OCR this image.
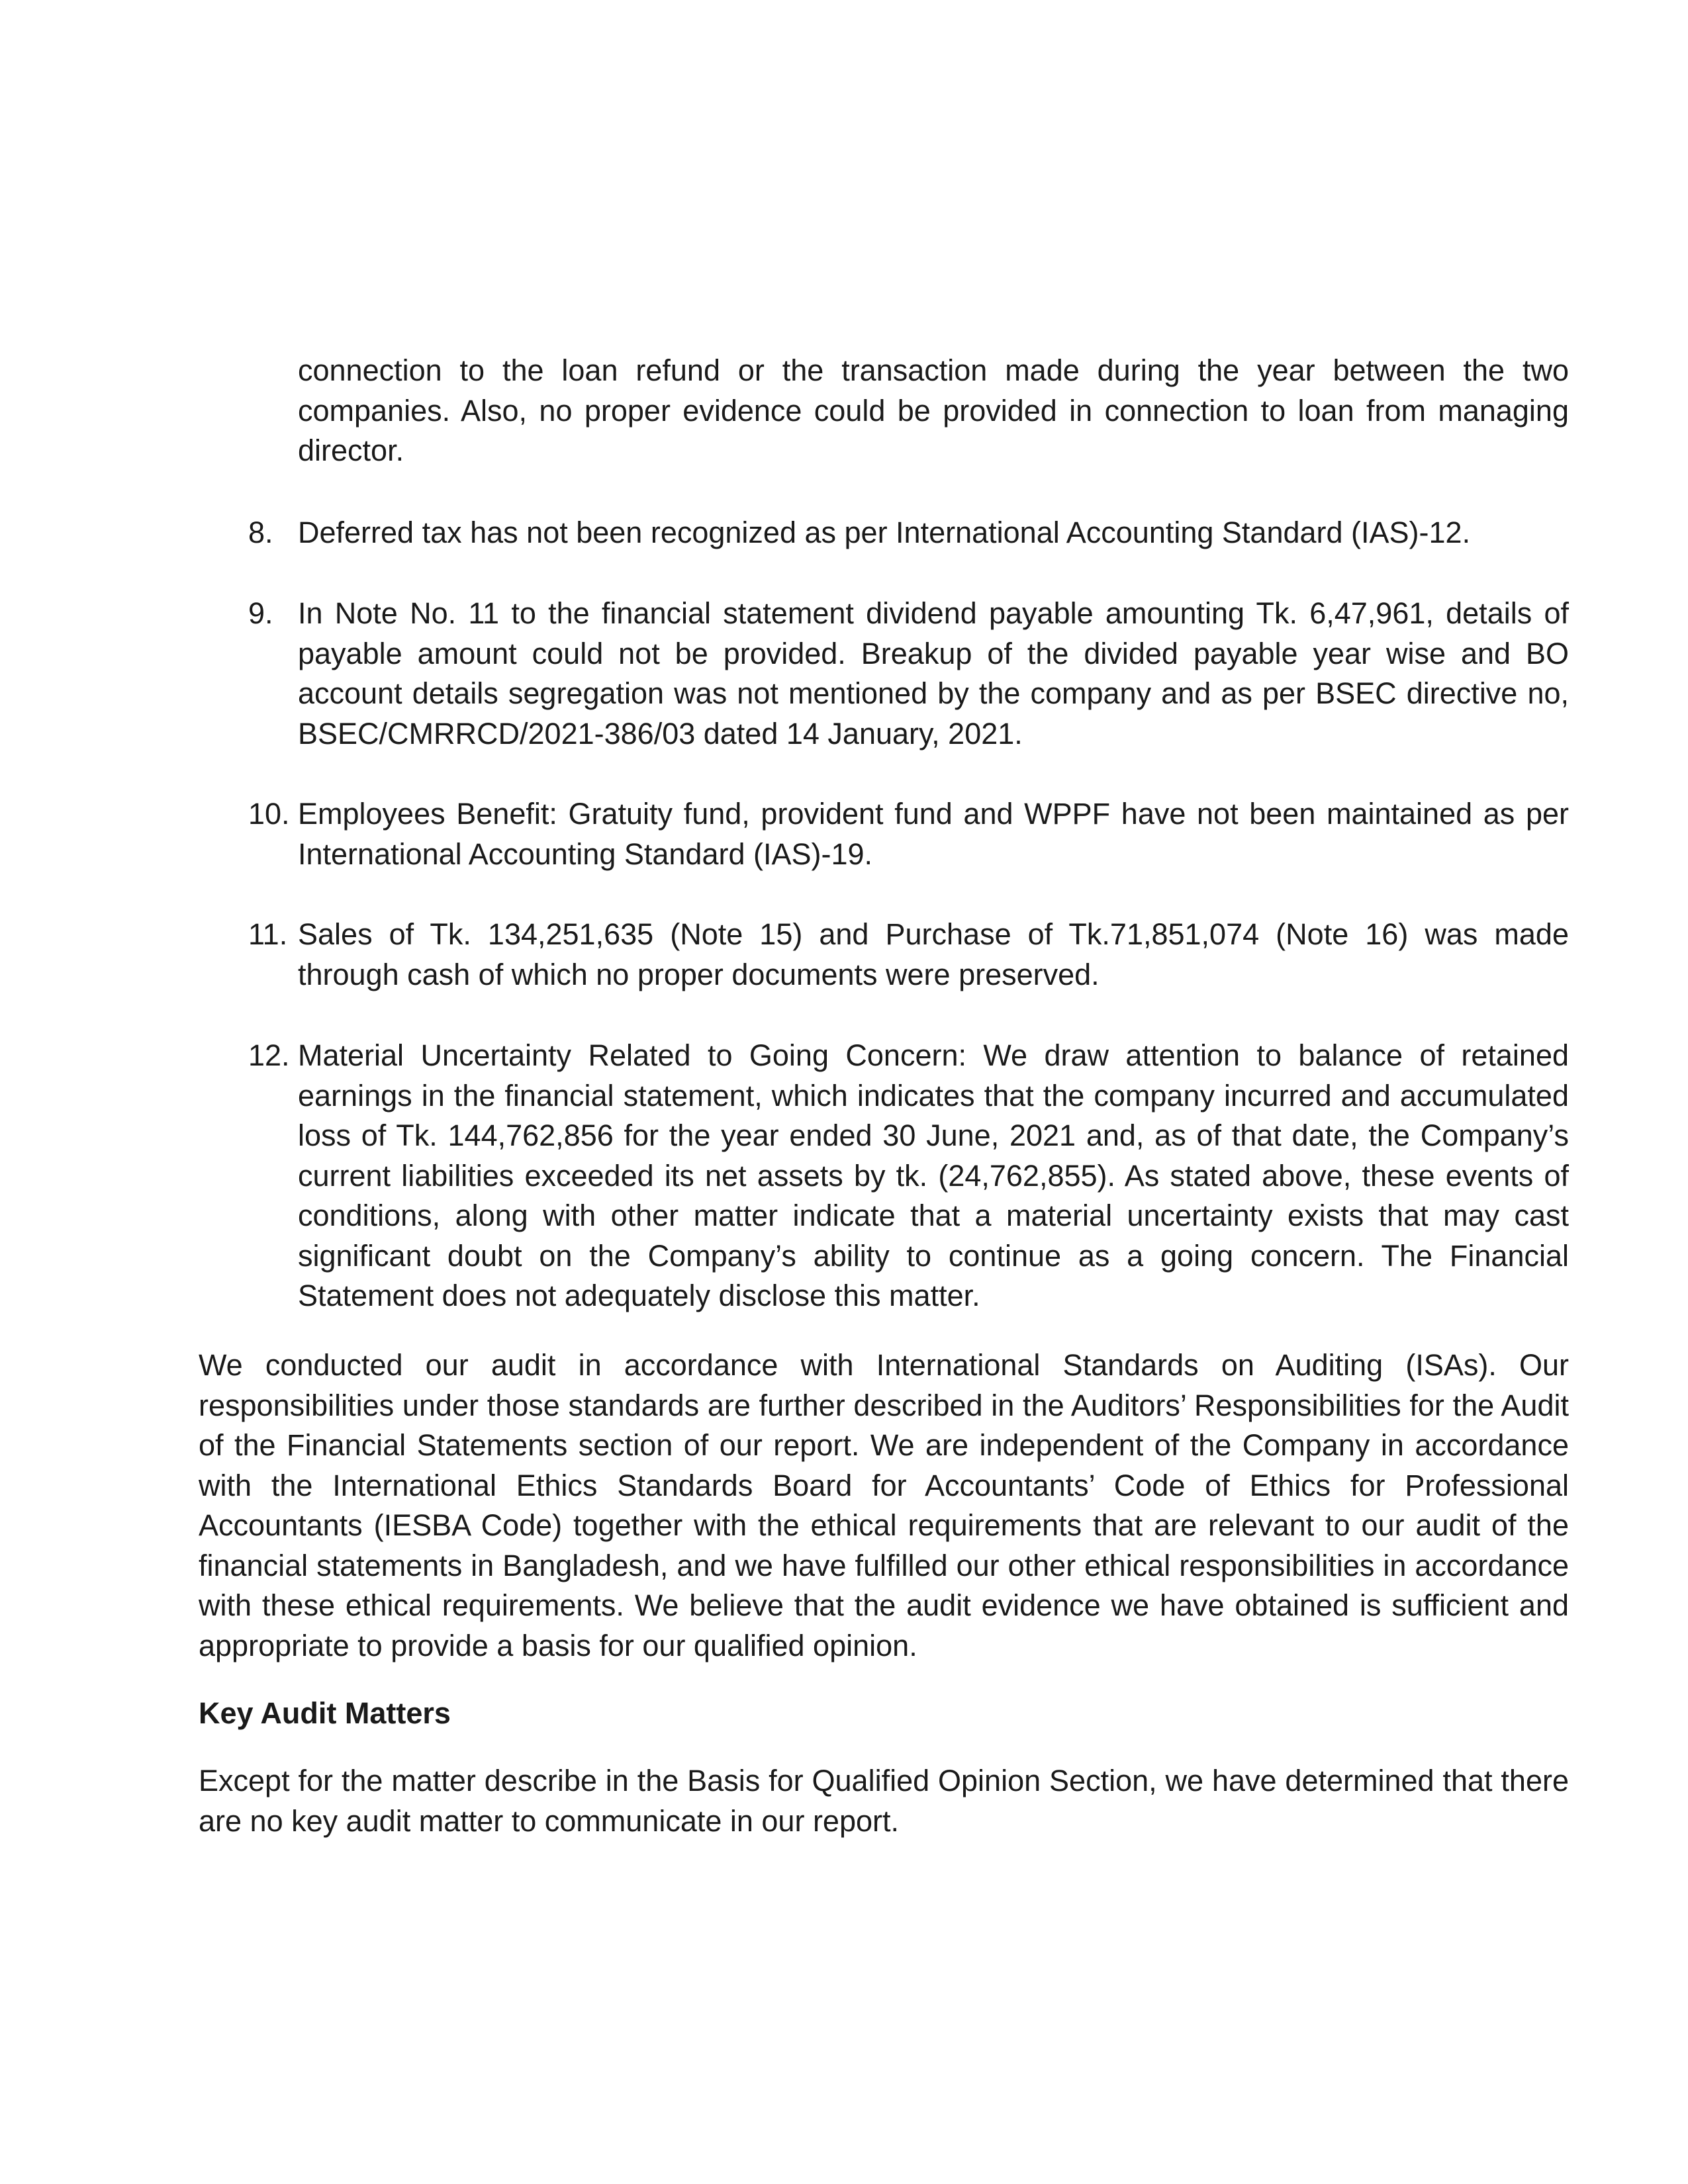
connection to the loan refund or the transaction made during the year between the two companies. Also, no proper evidence could be provided in connection to loan from managing director.

8. Deferred tax has not been recognized as per International Accounting Standard (IAS)-12.
9. In Note No. 11 to the financial statement dividend payable amounting Tk. 6,47,961, details of payable amount could not be provided. Breakup of the divided payable year wise and BO account details segregation was not mentioned by the company and as per BSEC directive no, BSEC/CMRRCD/2021-386/03 dated 14 January, 2021.
10. Employees Benefit: Gratuity fund, provident fund and WPPF have not been maintained as per International Accounting Standard (IAS)-19.
11. Sales of Tk. 134,251,635 (Note 15) and Purchase of Tk.71,851,074 (Note 16) was made through cash of which no proper documents were preserved.
12. Material Uncertainty Related to Going Concern: We draw attention to balance of retained earnings in the financial statement, which indicates that the company incurred and accumulated loss of Tk. 144,762,856 for the year ended 30 June, 2021 and, as of that date, the Company’s current liabilities exceeded its net assets by tk. (24,762,855). As stated above, these events of conditions, along with other matter indicate that a material uncertainty exists that may cast significant doubt on the Company’s ability to continue as a going concern. The Financial Statement does not adequately disclose this matter.

We conducted our audit in accordance with International Standards on Auditing (ISAs). Our responsibilities under those standards are further described in the Auditors’ Responsibilities for the Audit of the Financial Statements section of our report. We are independent of the Company in accordance with the International Ethics Standards Board for Accountants’ Code of Ethics for Professional Accountants (IESBA Code) together with the ethical requirements that are relevant to our audit of the financial statements in Bangladesh, and we have fulfilled our other ethical responsibilities in accordance with these ethical requirements. We believe that the audit evidence we have obtained is sufficient and appropriate to provide a basis for our qualified opinion.

Key Audit Matters

Except for the matter describe in the Basis for Qualified Opinion Section, we have determined that there are no key audit matter to communicate in our report.
